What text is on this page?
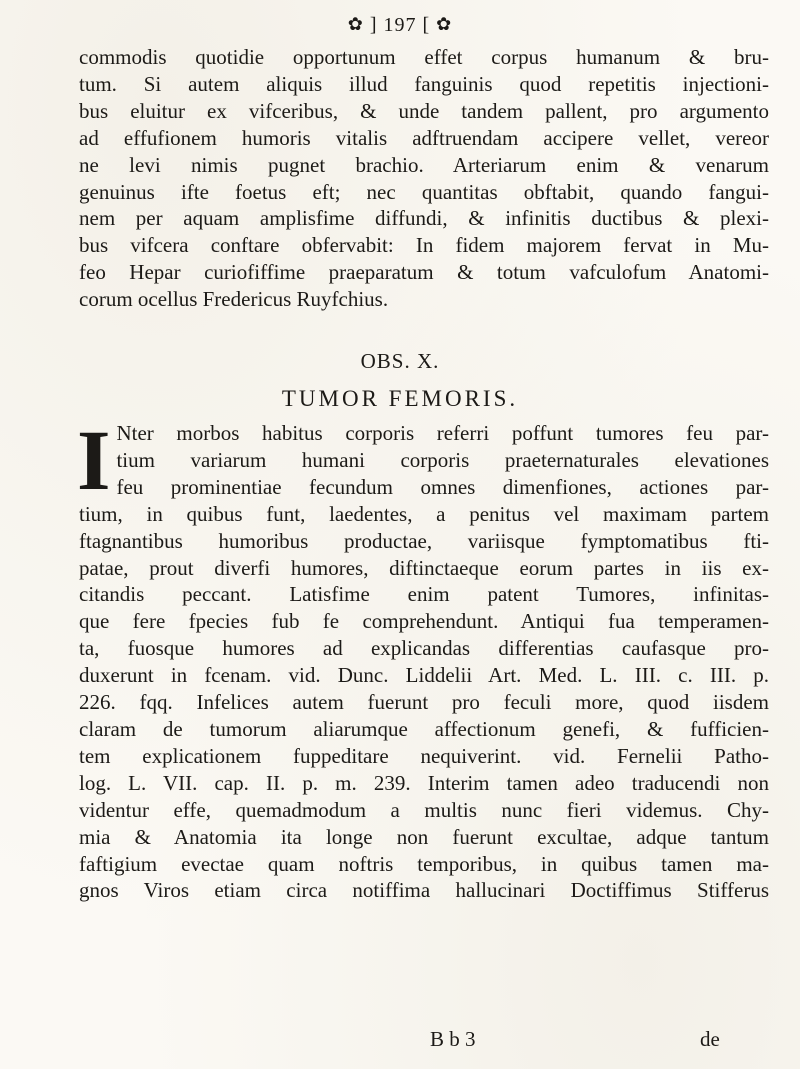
✿ ] 197 [ ✿
commodis quotidie opportunum effet corpus humanum & bru-
tum. Si autem aliquis illud fanguinis quod repetitis injectioni-
bus eluitur ex vifceribus, & unde tandem pallent, pro argumento
ad effufionem humoris vitalis adftruendam accipere vellet, vereor
ne levi nimis pugnet brachio. Arteriarum enim & venarum
genuinus ifte foetus eft; nec quantitas obftabit, quando fangui-
nem per aquam amplisfime diffundi, & infinitis ductibus & plexi-
bus vifcera conftare obfervabit: In fidem majorem fervat in Mu-
feo Hepar curiofiffime praeparatum & totum vafculofum Anatomi-
corum ocellus Fredericus Ruyfchius.
OBS. X.
TUMOR FEMORIS.
I Nter morbos habitus corporis referri poffunt tumores feu par-
tium variarum humani corporis praeternaturales elevationes
feu prominentiae fecundum omnes dimenfiones, actiones par-
tium, in quibus funt, laedentes, a penitus vel maximam partem
ftagnantibus humoribus productae, variisque fymptomatibus fti-
patae, prout diverfi humores, diftinctaeque eorum partes in iis ex-
citandis peccant. Latisfime enim patent Tumores, infinitas-
que fere fpecies fub fe comprehendunt. Antiqui fua temperamen-
ta, fuosque humores ad explicandas differentias caufasque pro-
duxerunt in fcenam. vid. Dunc. Liddelii Art. Med. L. III. c. III. p.
226. fqq. Infelices autem fuerunt pro feculi more, quod iisdem
claram de tumorum aliarumque affectionum genefi, & fufficien-
tem explicationem fuppeditare nequiverint. vid. Fernelii Patho-
log. L. VII. cap. II. p. m. 239. Interim tamen adeo traducendi non
videntur effe, quemadmodum a multis nunc fieri videmus. Chy-
mia & Anatomia ita longe non fuerunt excultae, adque tantum
faftigium evectae quam noftris temporibus, in quibus tamen ma-
gnos Viros etiam circa notiffima hallucinari Doctiffimus Stifferus
B b 3	de
